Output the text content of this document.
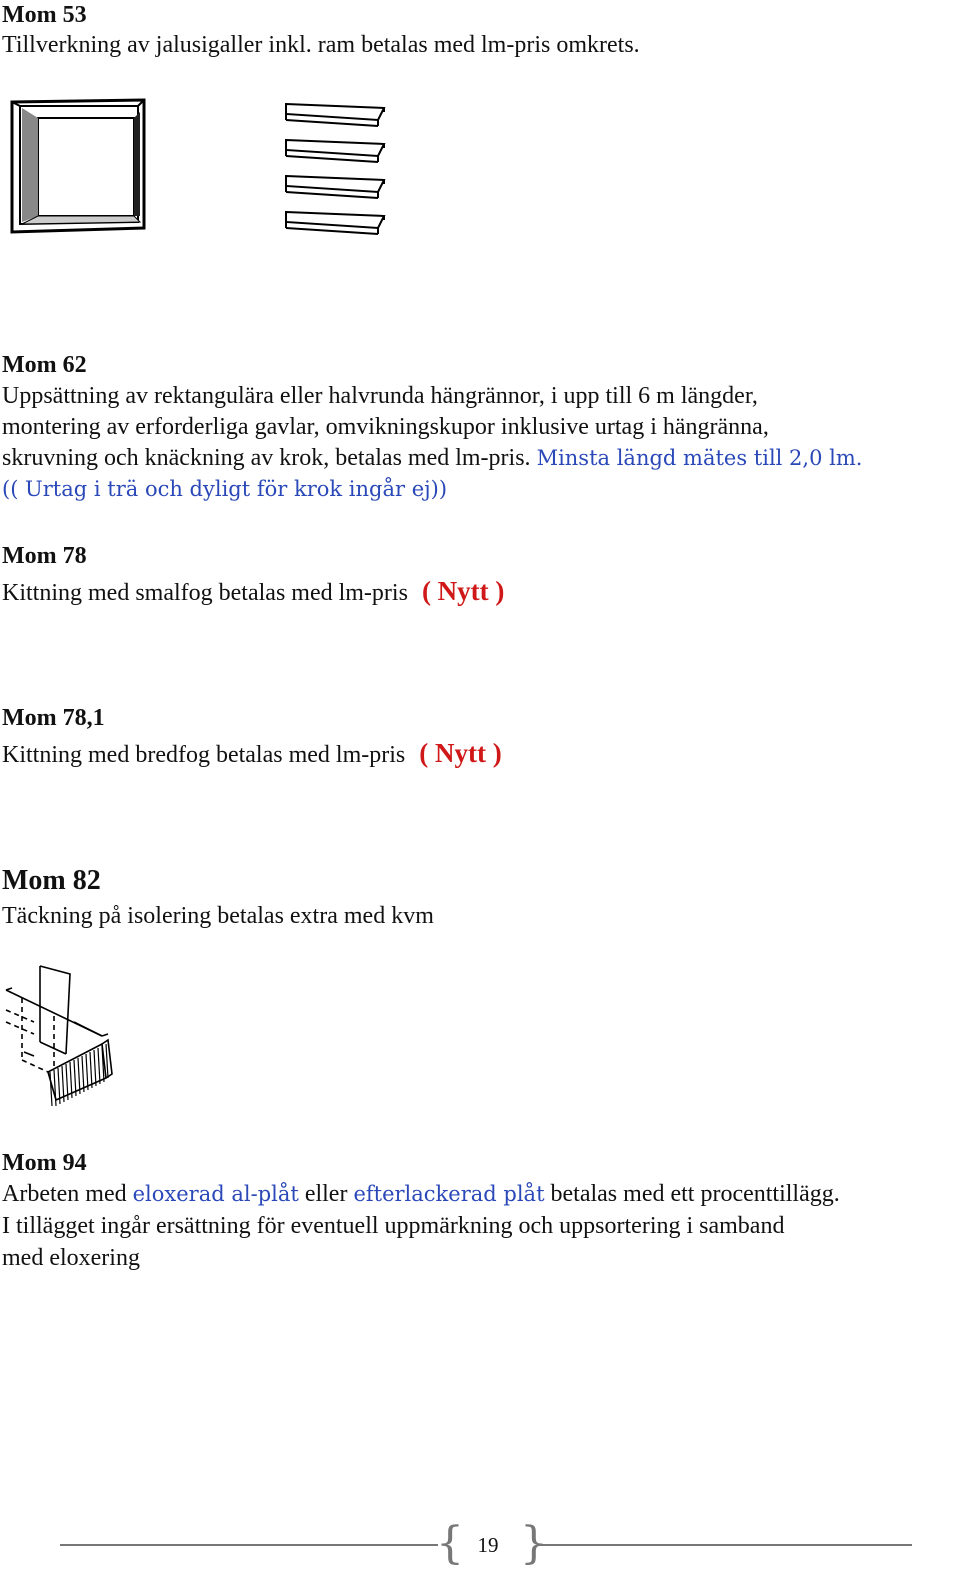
Mom 53
Tillverkning av jalusigaller inkl. ram betalas med lm-pris omkrets.
Mom 62
Uppsättning av rektangulära eller halvrunda hängrännor, i upp till 6 m längder,
montering av erforderliga gavlar, omvikningskupor inklusive urtag i hängränna,
skruvning och knäckning av krok, betalas med lm-pris. Minsta längd mätes till 2,0 lm.
(( Urtag i trä och dyligt för krok ingår ej))
Mom 78
Kittning med smalfog betalas med lm-pris ( Nytt )
Mom 78,1
Kittning med bredfog betalas med lm-pris ( Nytt )
Mom 82
Täckning på isolering betalas extra med kvm
Mom 94
Arbeten med eloxerad al-plåt eller efterlackerad plåt betalas med ett procenttillägg.
I tillägget ingår ersättning för eventuell uppmärkning och uppsortering i samband
med eloxering
{ }
19
